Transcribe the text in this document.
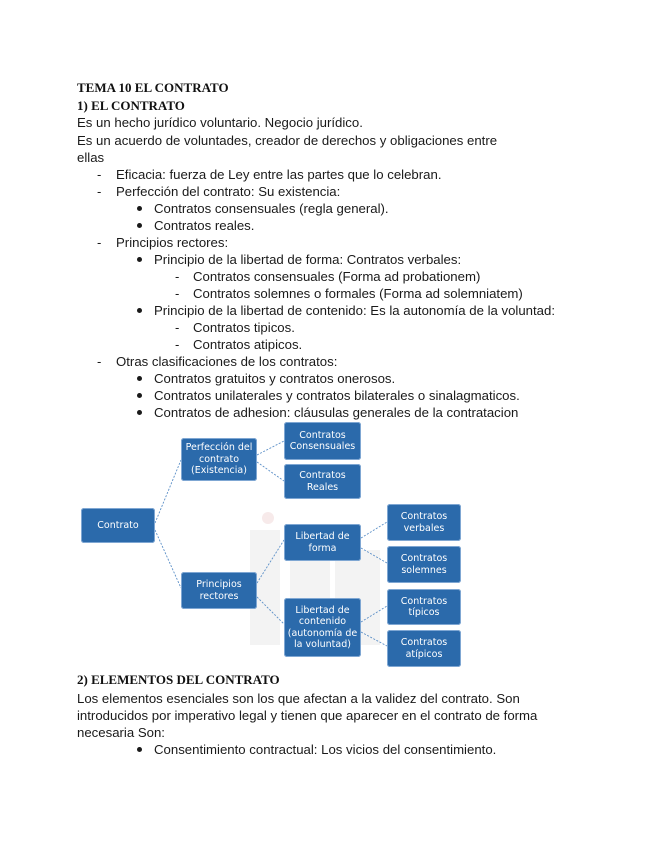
TEMA 10 EL CONTRATO
1) EL CONTRATO
Es un hecho jurídico voluntario. Negocio jurídico.
Es un acuerdo de voluntades, creador de derechos y obligaciones entre
ellas
- Eficacia: fuerza de Ley entre las partes que lo celebran.
- Perfección del contrato: Su existencia:
Contratos consensuales (regla general).
Contratos reales.
- Principios rectores:
Principio de la libertad de forma: Contratos verbales:
- Contratos consensuales (Forma ad probationem)
- Contratos solemnes o formales (Forma ad solemniatem)
Principio de la libertad de contenido: Es la autonomía de la voluntad:
- Contratos tipicos.
- Contratos atipicos.
- Otras clasificaciones de los contratos:
Contratos gratuitos y contratos onerosos.
Contratos unilaterales y contratos bilaterales o sinalagmaticos.
Contratos de adhesion: cláusulas generales de la contratacion
Contrato
Perfección del contrato (Existencia)
Contratos Consensuales
Contratos Reales
Principios rectores
Libertad de forma
Libertad de contenido (autonomía de la voluntad)
Contratos verbales
Contratos solemnes
Contratos típicos
Contratos atípicos
2) ELEMENTOS DEL CONTRATO
Los elementos esenciales son los que afectan a la validez del contrato. Son
introducidos por imperativo legal y tienen que aparecer en el contrato de forma
necesaria Son:
Consentimiento contractual: Los vicios del consentimiento.
